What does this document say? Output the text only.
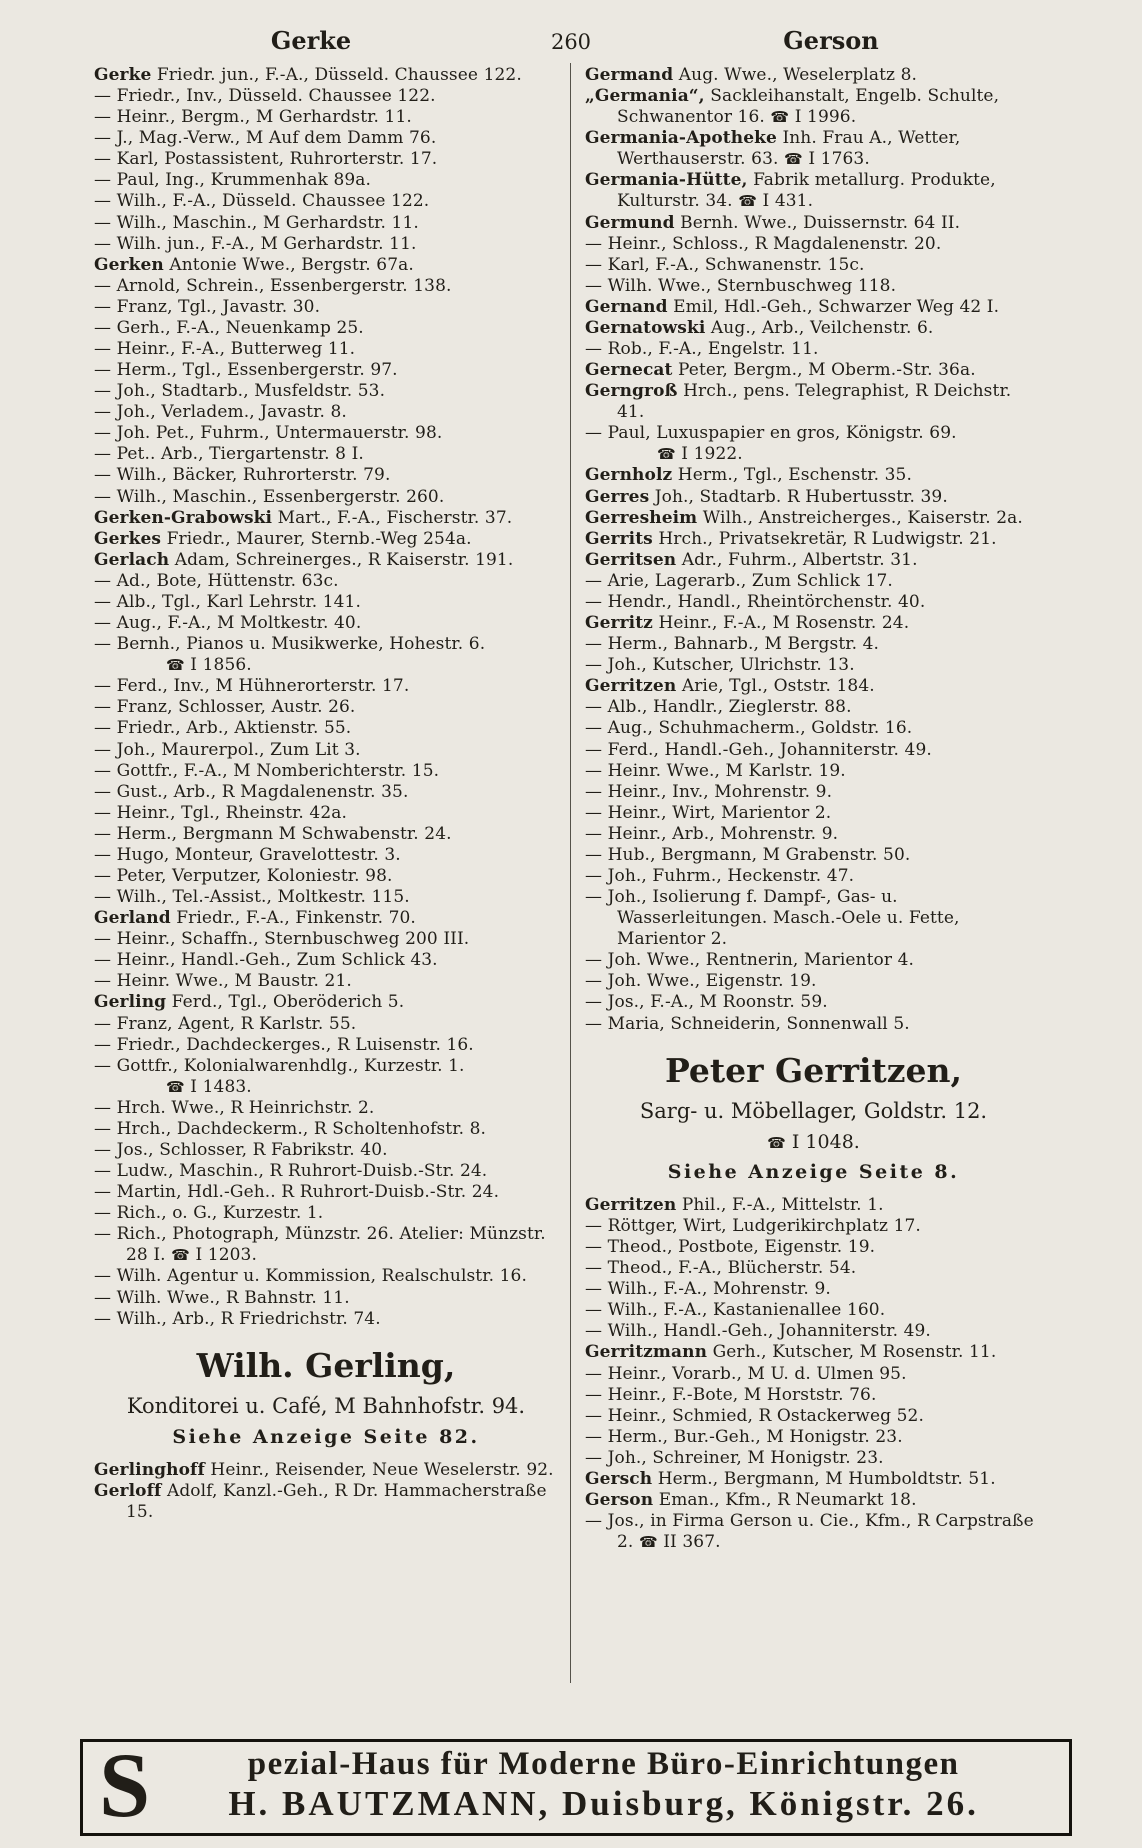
Gerke	260	Gerson

Gerke Friedr. jun., F.-A., Düsseld. Chaussee 122.

— Friedr., Inv., Düsseld. Chaussee 122.

— Heinr., Bergm., M Gerhardstr. 11.

— J., Mag.-Verw., M Auf dem Damm 76.

— Karl, Postassistent, Ruhrorterstr. 17.

— Paul, Ing., Krummenhak 89a.

— Wilh., F.-A., Düsseld. Chaussee 122.

— Wilh., Maschin., M Gerhardstr. 11.

— Wilh. jun., F.-A., M Gerhardstr. 11.

Gerken Antonie Wwe., Bergstr. 67a.

— Arnold, Schrein., Essenbergerstr. 138.

— Franz, Tgl., Javastr. 30.

— Gerh., F.-A., Neuenkamp 25.

— Heinr., F.-A., Butterweg 11.

— Herm., Tgl., Essenbergerstr. 97.

— Joh., Stadtarb., Musfeldstr. 53.

— Joh., Verladem., Javastr. 8.

— Joh. Pet., Fuhrm., Untermauerstr. 98.

— Pet.. Arb., Tiergartenstr. 8 I.

— Wilh., Bäcker, Ruhrorterstr. 79.

— Wilh., Maschin., Essenbergerstr. 260.

Gerken-Grabowski Mart., F.-A., Fischerstr. 37.

Gerkes Friedr., Maurer, Sternb.-Weg 254a.

Gerlach Adam, Schreinerges., R Kaiserstr. 191.

— Ad., Bote, Hüttenstr. 63c.

— Alb., Tgl., Karl Lehrstr. 141.

— Aug., F.-A., M Moltkestr. 40.

— Bernh., Pianos u. Musikwerke, Hohestr. 6.

☎ I 1856.

— Ferd., Inv., M Hühnerorterstr. 17.

— Franz, Schlosser, Austr. 26.

— Friedr., Arb., Aktienstr. 55.

— Joh., Maurerpol., Zum Lit 3.

— Gottfr., F.-A., M Nomberichterstr. 15.

— Gust., Arb., R Magdalenenstr. 35.

— Heinr., Tgl., Rheinstr. 42a.

— Herm., Bergmann M Schwabenstr. 24.

— Hugo, Monteur, Gravelottestr. 3.

— Peter, Verputzer, Koloniestr. 98.

— Wilh., Tel.-Assist., Moltkestr. 115.

Gerland Friedr., F.-A., Finkenstr. 70.

— Heinr., Schaffn., Sternbuschweg 200 III.

— Heinr., Handl.-Geh., Zum Schlick 43.

— Heinr. Wwe., M Baustr. 21.

Gerling Ferd., Tgl., Oberöderich 5.

— Franz, Agent, R Karlstr. 55.

— Friedr., Dachdeckerges., R Luisenstr. 16.

— Gottfr., Kolonialwarenhdlg., Kurzestr. 1.

☎ I 1483.

— Hrch. Wwe., R Heinrichstr. 2.

— Hrch., Dachdeckerm., R Scholtenhofstr. 8.

— Jos., Schlosser, R Fabrikstr. 40.

— Ludw., Maschin., R Ruhrort-Duisb.-Str. 24.

— Martin, Hdl.-Geh.. R Ruhrort-Duisb.-Str. 24.

— Rich., o. G., Kurzestr. 1.

— Rich., Photograph, Münzstr. 26. Atelier: Münzstr. 28 I. ☎ I 1203.

— Wilh. Agentur u. Kommission, Realschulstr. 16.

— Wilh. Wwe., R Bahnstr. 11.

— Wilh., Arb., R Friedrichstr. 74.

Wilh. Gerling,
Konditorei u. Café, M Bahnhofstr. 94.
Siehe Anzeige Seite 82.

Gerlinghoff Heinr., Reisender, Neue Weselerstr. 92.

Gerloff Adolf, Kanzl.-Geh., R Dr. Hammacherstraße 15.

Germand Aug. Wwe., Weselerplatz 8.

„Germania“, Sackleihanstalt, Engelb. Schulte, Schwanentor 16. ☎ I 1996.

Germania-Apotheke Inh. Frau A., Wetter, Werthauserstr. 63. ☎ I 1763.

Germania-Hütte, Fabrik metallurg. Produkte, Kulturstr. 34. ☎ I 431.

Germund Bernh. Wwe., Duissernstr. 64 II.

— Heinr., Schloss., R Magdalenenstr. 20.

— Karl, F.-A., Schwanenstr. 15c.

— Wilh. Wwe., Sternbuschweg 118.

Gernand Emil, Hdl.-Geh., Schwarzer Weg 42 I.

Gernatowski Aug., Arb., Veilchenstr. 6.

— Rob., F.-A., Engelstr. 11.

Gernecat Peter, Bergm., M Oberm.-Str. 36a.

Gerngroß Hrch., pens. Telegraphist, R Deichstr. 41.

— Paul, Luxuspapier en gros, Königstr. 69.

☎ I 1922.

Gernholz Herm., Tgl., Eschenstr. 35.

Gerres Joh., Stadtarb. R Hubertusstr. 39.

Gerresheim Wilh., Anstreicherges., Kaiserstr. 2a.

Gerrits Hrch., Privatsekretär, R Ludwigstr. 21.

Gerritsen Adr., Fuhrm., Albertstr. 31.

— Arie, Lagerarb., Zum Schlick 17.

— Hendr., Handl., Rheintörchenstr. 40.

Gerritz Heinr., F.-A., M Rosenstr. 24.

— Herm., Bahnarb., M Bergstr. 4.

— Joh., Kutscher, Ulrichstr. 13.

Gerritzen Arie, Tgl., Oststr. 184.

— Alb., Handlr., Zieglerstr. 88.

— Aug., Schuhmacherm., Goldstr. 16.

— Ferd., Handl.-Geh., Johanniterstr. 49.

— Heinr. Wwe., M Karlstr. 19.

— Heinr., Inv., Mohrenstr. 9.

— Heinr., Wirt, Marientor 2.

— Heinr., Arb., Mohrenstr. 9.

— Hub., Bergmann, M Grabenstr. 50.

— Joh., Fuhrm., Heckenstr. 47.

— Joh., Isolierung f. Dampf-, Gas- u. Wasserleitungen. Masch.-Oele u. Fette, Marientor 2.

— Joh. Wwe., Rentnerin, Marientor 4.

— Joh. Wwe., Eigenstr. 19.

— Jos., F.-A., M Roonstr. 59.

— Maria, Schneiderin, Sonnenwall 5.

Peter Gerritzen,
Sarg- u. Möbellager, Goldstr. 12.
☎ I 1048.
Siehe Anzeige Seite 8.

Gerritzen Phil., F.-A., Mittelstr. 1.

— Röttger, Wirt, Ludgerikirchplatz 17.

— Theod., Postbote, Eigenstr. 19.

— Theod., F.-A., Blücherstr. 54.

— Wilh., F.-A., Mohrenstr. 9.

— Wilh., F.-A., Kastanienallee 160.

— Wilh., Handl.-Geh., Johanniterstr. 49.

Gerritzmann Gerh., Kutscher, M Rosenstr. 11.

— Heinr., Vorarb., M U. d. Ulmen 95.

— Heinr., F.-Bote, M Horststr. 76.

— Heinr., Schmied, R Ostackerweg 52.

— Herm., Bur.-Geh., M Honigstr. 23.

— Joh., Schreiner, M Honigstr. 23.

Gersch Herm., Bergmann, M Humboldtstr. 51.

Gerson Eman., Kfm., R Neumarkt 18.

— Jos., in Firma Gerson u. Cie., Kfm., R Carpstraße 2. ☎ II 367.

S	pezial-Haus für Moderne Büro-Einrichtungen
H. BAUTZMANN, Duisburg, Königstr. 26.
